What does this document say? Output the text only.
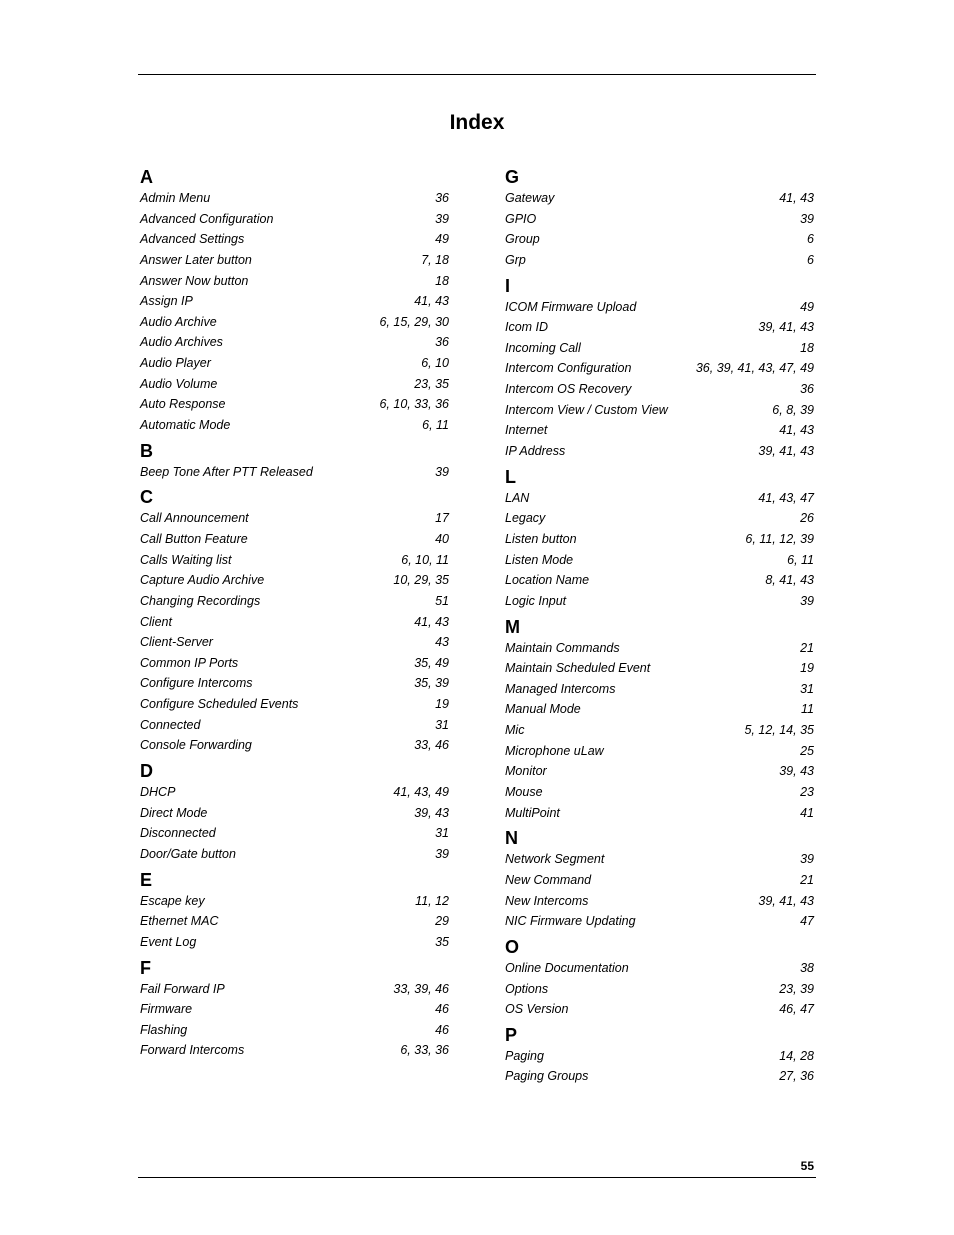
Index
A
Admin Menu	36
Advanced Configuration	39
Advanced Settings	49
Answer Later button	7, 18
Answer Now button	18
Assign IP	41, 43
Audio Archive	6, 15, 29, 30
Audio Archives	36
Audio Player	6, 10
Audio Volume	23, 35
Auto Response	6, 10, 33, 36
Automatic Mode	6, 11
B
Beep Tone After PTT Released	39
C
Call Announcement	17
Call Button Feature	40
Calls Waiting list	6, 10, 11
Capture Audio Archive	10, 29, 35
Changing Recordings	51
Client	41, 43
Client-Server	43
Common IP Ports	35, 49
Configure Intercoms	35, 39
Configure Scheduled Events	19
Connected	31
Console Forwarding	33, 46
D
DHCP	41, 43, 49
Direct Mode	39, 43
Disconnected	31
Door/Gate button	39
E
Escape key	11, 12
Ethernet MAC	29
Event Log	35
F
Fail Forward IP	33, 39, 46
Firmware	46
Flashing	46
Forward Intercoms	6, 33, 36
G
Gateway	41, 43
GPIO	39
Group	6
Grp	6
I
ICOM Firmware Upload	49
Icom ID	39, 41, 43
Incoming Call	18
Intercom Configuration	36, 39, 41, 43, 47, 49
Intercom OS Recovery	36
Intercom View / Custom View	6, 8, 39
Internet	41, 43
IP Address	39, 41, 43
L
LAN	41, 43, 47
Legacy	26
Listen button	6, 11, 12, 39
Listen Mode	6, 11
Location Name	8, 41, 43
Logic Input	39
M
Maintain Commands	21
Maintain Scheduled Event	19
Managed Intercoms	31
Manual Mode	11
Mic	5, 12, 14, 35
Microphone uLaw	25
Monitor	39, 43
Mouse	23
MultiPoint	41
N
Network Segment	39
New Command	21
New Intercoms	39, 41, 43
NIC Firmware Updating	47
O
Online Documentation	38
Options	23, 39
OS Version	46, 47
P
Paging	14, 28
Paging Groups	27, 36
55
